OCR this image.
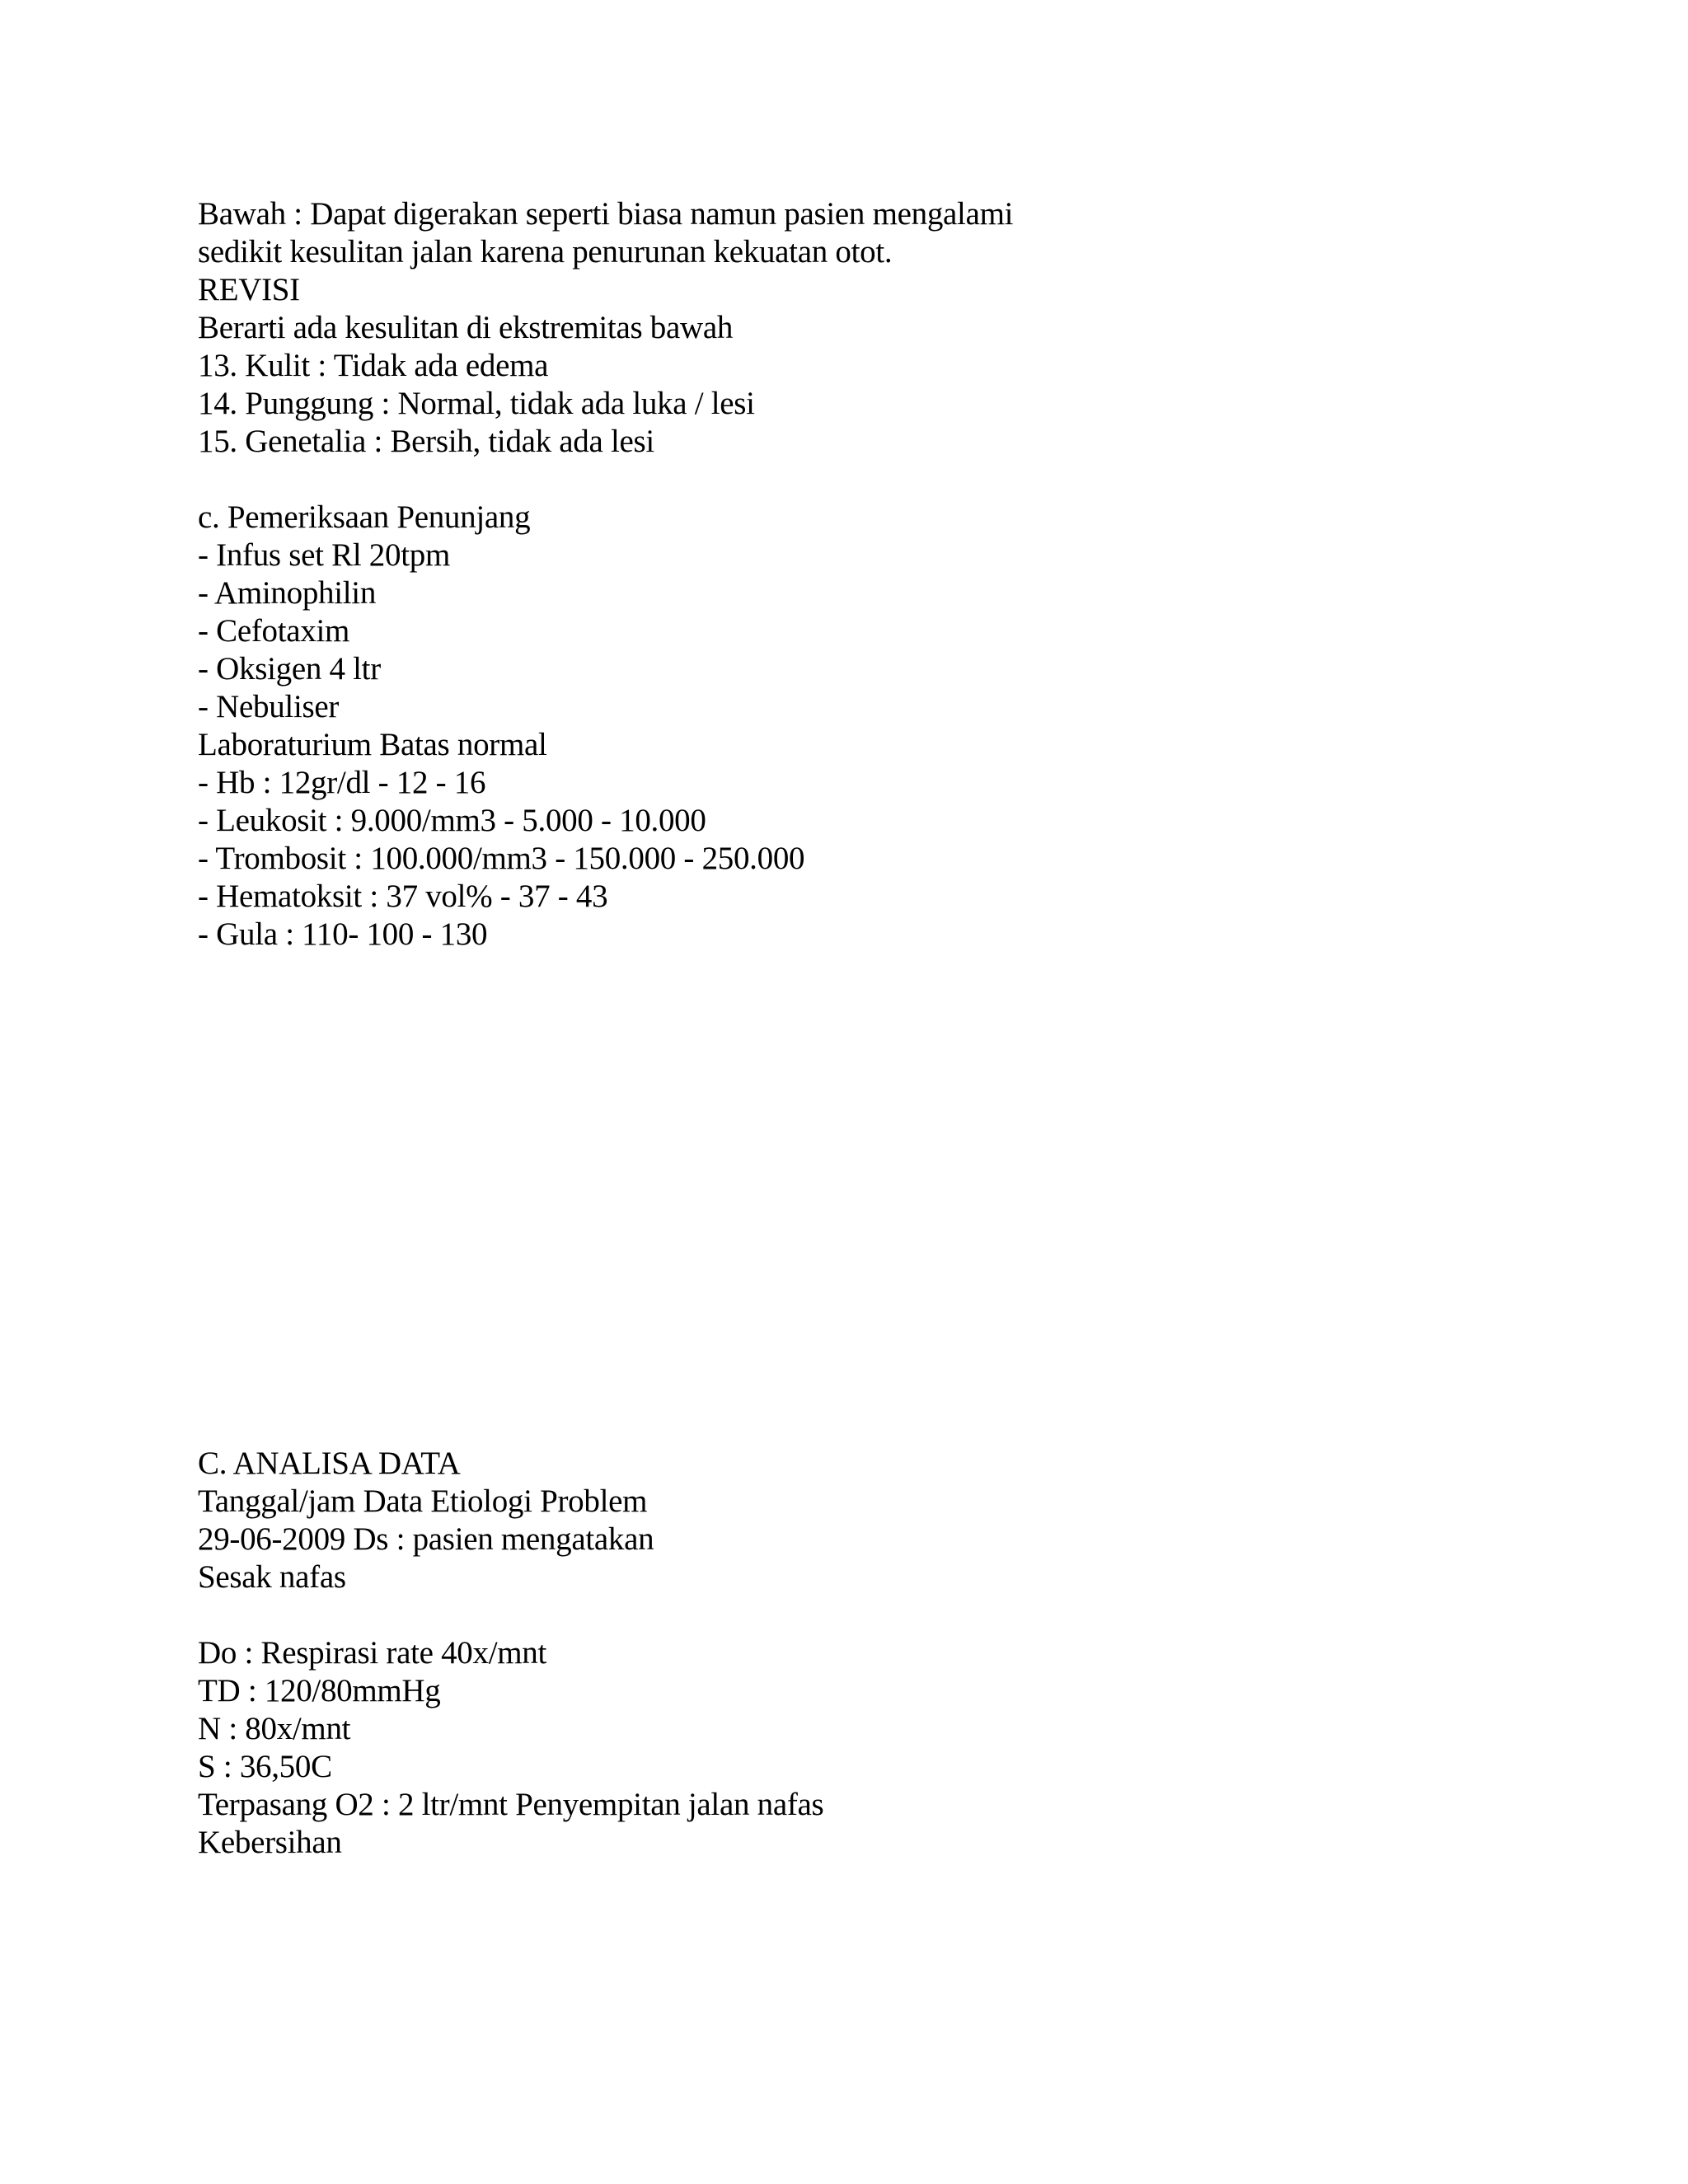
Bawah : Dapat digerakan seperti biasa namun pasien mengalami
sedikit kesulitan jalan karena penurunan kekuatan otot.
REVISI
Berarti ada kesulitan di ekstremitas bawah
13. Kulit : Tidak ada edema
14. Punggung : Normal, tidak ada luka / lesi
15. Genetalia : Bersih, tidak ada lesi
c. Pemeriksaan Penunjang
- Infus set Rl 20tpm
- Aminophilin
- Cefotaxim
- Oksigen 4 ltr
- Nebuliser
Laboraturium Batas normal
- Hb : 12gr/dl - 12 - 16
- Leukosit : 9.000/mm3 - 5.000 - 10.000
- Trombosit : 100.000/mm3 - 150.000 - 250.000
- Hematoksit : 37 vol% - 37 - 43
- Gula : 110- 100 - 130
C. ANALISA DATA
Tanggal/jam Data Etiologi Problem
29-06-2009 Ds : pasien mengatakan
Sesak nafas
Do : Respirasi rate 40x/mnt
TD : 120/80mmHg
N : 80x/mnt
S : 36,50C
Terpasang O2 : 2 ltr/mnt Penyempitan jalan nafas
Kebersihan
